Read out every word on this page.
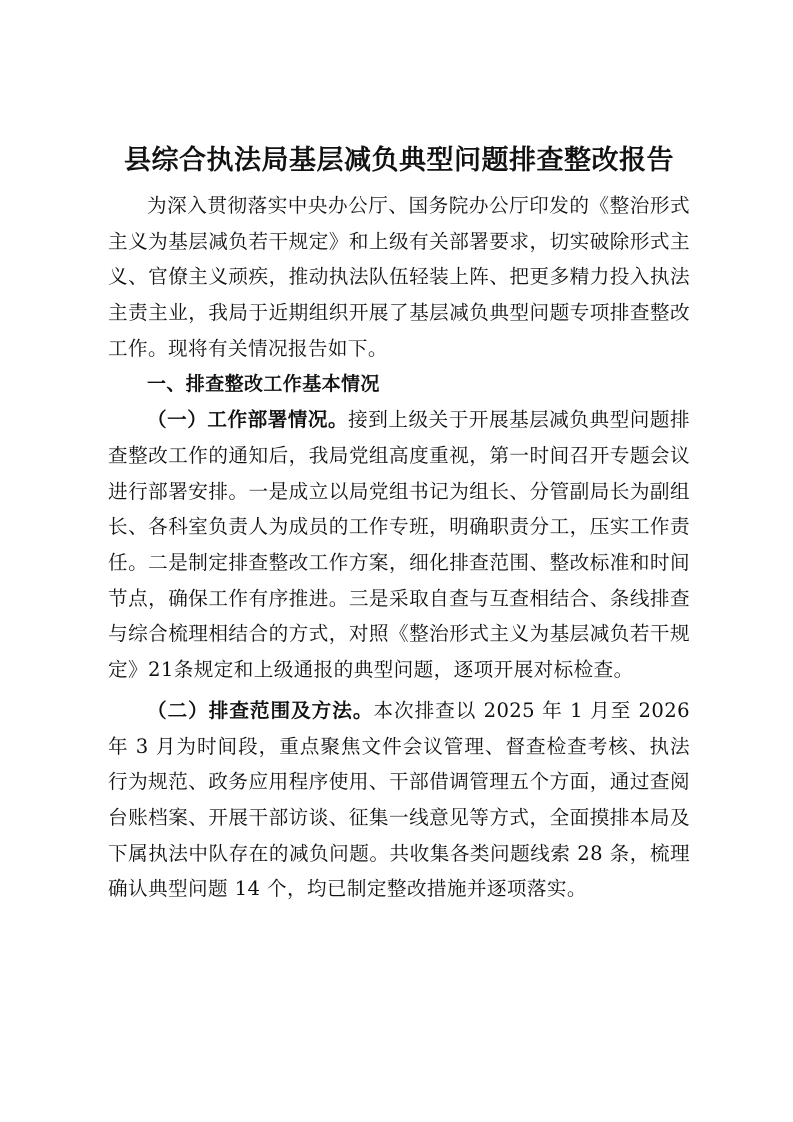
县综合执法局基层减负典型问题排查整改报告

为深入贯彻落实中央办公厅、国务院办公厅印发的《整治形式主义为基层减负若干规定》和上级有关部署要求，切实破除形式主义、官僚主义顽疾，推动执法队伍轻装上阵、把更多精力投入执法主责主业，我局于近期组织开展了基层减负典型问题专项排查整改工作。现将有关情况报告如下。

一、排查整改工作基本情况

（一）工作部署情况。接到上级关于开展基层减负典型问题排查整改工作的通知后，我局党组高度重视，第一时间召开专题会议进行部署安排。一是成立以局党组书记为组长、分管副局长为副组长、各科室负责人为成员的工作专班，明确职责分工，压实工作责任。二是制定排查整改工作方案，细化排查范围、整改标准和时间节点，确保工作有序推进。三是采取自查与互查相结合、条线排查与综合梳理相结合的方式，对照《整治形式主义为基层减负若干规定》21条规定和上级通报的典型问题，逐项开展对标检查。

（二）排查范围及方法。本次排查以 2025 年 1 月至 2026 年 3 月为时间段，重点聚焦文件会议管理、督查检查考核、执法行为规范、政务应用程序使用、干部借调管理五个方面，通过查阅台账档案、开展干部访谈、征集一线意见等方式，全面摸排本局及下属执法中队存在的减负问题。共收集各类问题线索 28 条，梳理确认典型问题 14 个，均已制定整改措施并逐项落实。
